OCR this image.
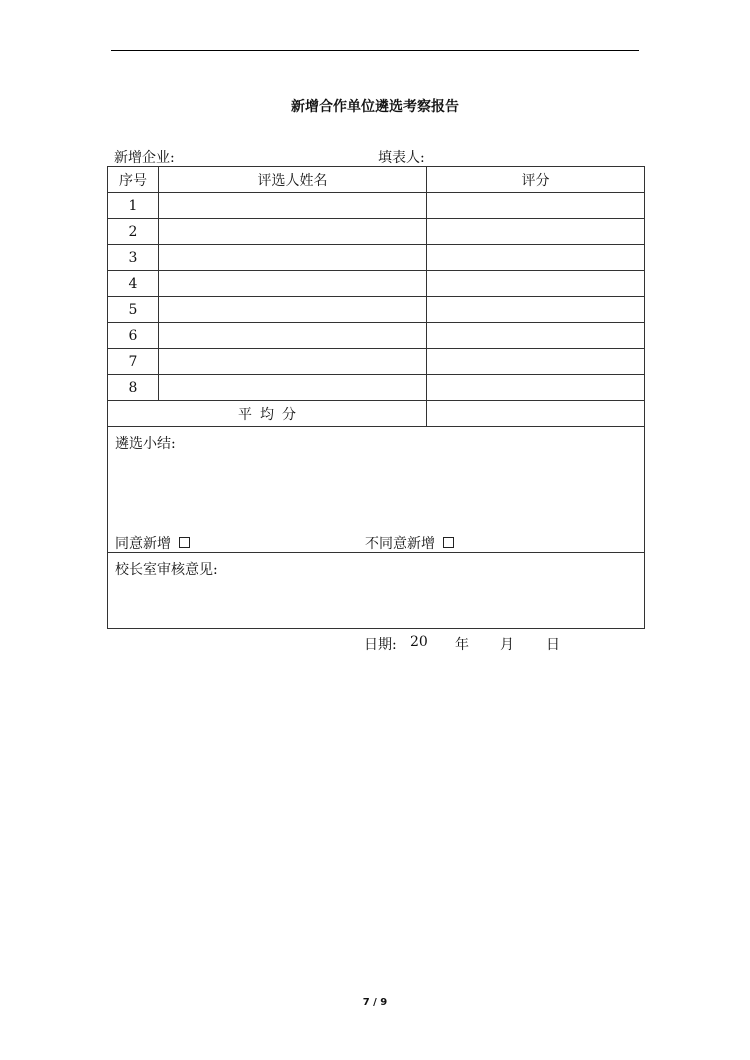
新增合作单位遴选考察报告
新增企业:	填表人:
序号	评选人姓名	评分
1		
2		
3		
4		
5		
6		
7		
8		
平均分		

遴选小结:
同意新增 不同意新增		

校长室审核意见:		
日期: 20 年 月 日
7 / 9
